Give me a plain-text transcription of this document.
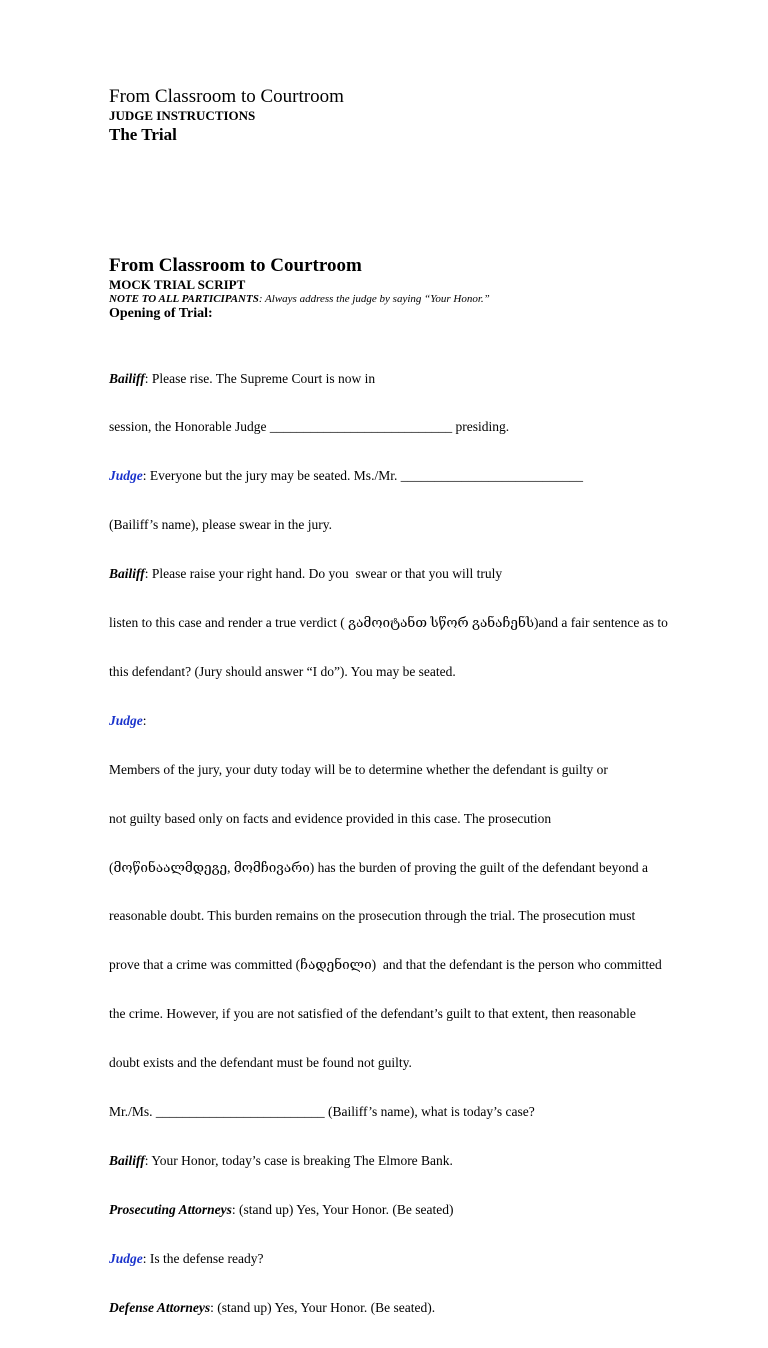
From Classroom to Courtroom
JUDGE INSTRUCTIONS
The Trial
From Classroom to Courtroom
MOCK TRIAL SCRIPT

NOTE TO ALL PARTICIPANTS: Always address the judge by saying “Your Honor.”

Opening of Trial:

Bailiff: Please rise. The Supreme Court is now in

session, the Honorable Judge ___________________________ presiding.

Judge: Everyone but the jury may be seated. Ms./Mr. ___________________________

(Bailiff’s name), please swear in the jury.

Bailiff: Please raise your right hand. Do you  swear or that you will truly

listen to this case and render a true verdict ( გამოიტანთ სწორ განაჩენს)and a fair sentence as to

this defendant? (Jury should answer “I do”). You may be seated.

Judge:

Members of the jury, your duty today will be to determine whether the defendant is guilty or

not guilty based only on facts and evidence provided in this case. The prosecution

(მოწინაალმდეგე, მომჩივარი) has the burden of proving the guilt of the defendant beyond a

reasonable doubt. This burden remains on the prosecution through the trial. The prosecution must

prove that a crime was committed (ჩადენილი)  and that the defendant is the person who committed

the crime. However, if you are not satisfied of the defendant’s guilt to that extent, then reasonable

doubt exists and the defendant must be found not guilty.

Mr./Ms. _________________________ (Bailiff’s name), what is today’s case?

Bailiff: Your Honor, today’s case is breaking The Elmore Bank.

Prosecuting Attorneys: (stand up) Yes, Your Honor. (Be seated)

Judge: Is the defense ready?

Defense Attorneys: (stand up) Yes, Your Honor. (Be seated).
